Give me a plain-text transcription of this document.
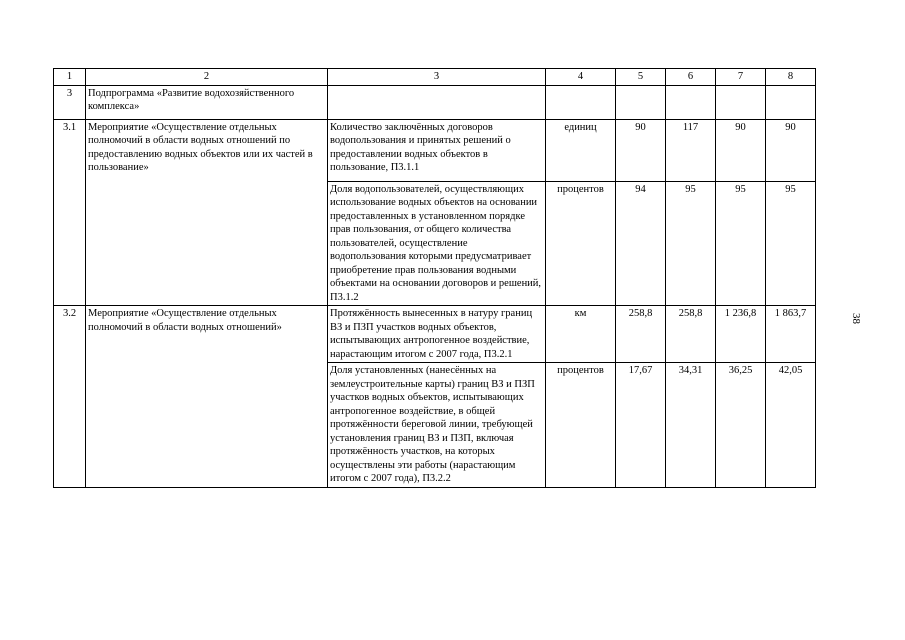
1	2	3	4	5	6	7	8
3	Подпрограмма «Развитие водохозяйственного комплекса»						
3.1	Мероприятие «Осуществление отдельных полномочий в области водных отношений по предоставлению водных объектов или их частей в пользование»	Количество заключённых договоров водопользования и принятых решений о предоставлении водных объектов в пользование, П3.1.1	единиц	90	117	90	90
		Доля водопользователей, осуществляющих использование водных объектов на основании предоставленных в установленном порядке прав пользования, от общего количества пользователей, осуществление водопользования которыми предусматривает приобретение прав пользования водными объектами на основании договоров и решений, П3.1.2	процентов	94	95	95	95
3.2	Мероприятие «Осуществление отдельных полномочий в области водных отношений»	Протяжённость вынесенных в натуру границ ВЗ и ПЗП участков водных объектов, испытывающих антропогенное воздействие, нарастающим итогом с 2007 года, П3.2.1	км	258,8	258,8	1 236,8	1 863,7
		Доля установленных (нанесённых на землеустроительные карты) границ ВЗ и ПЗП участков водных объектов, испытывающих антропогенное воздействие, в общей протяжённости береговой линии, требующей установления границ ВЗ и ПЗП, включая протяжённость участков, на которых осуществлены эти работы (нарастающим итогом с 2007 года), П3.2.2	процентов	17,67	34,31	36,25	42,05
38
